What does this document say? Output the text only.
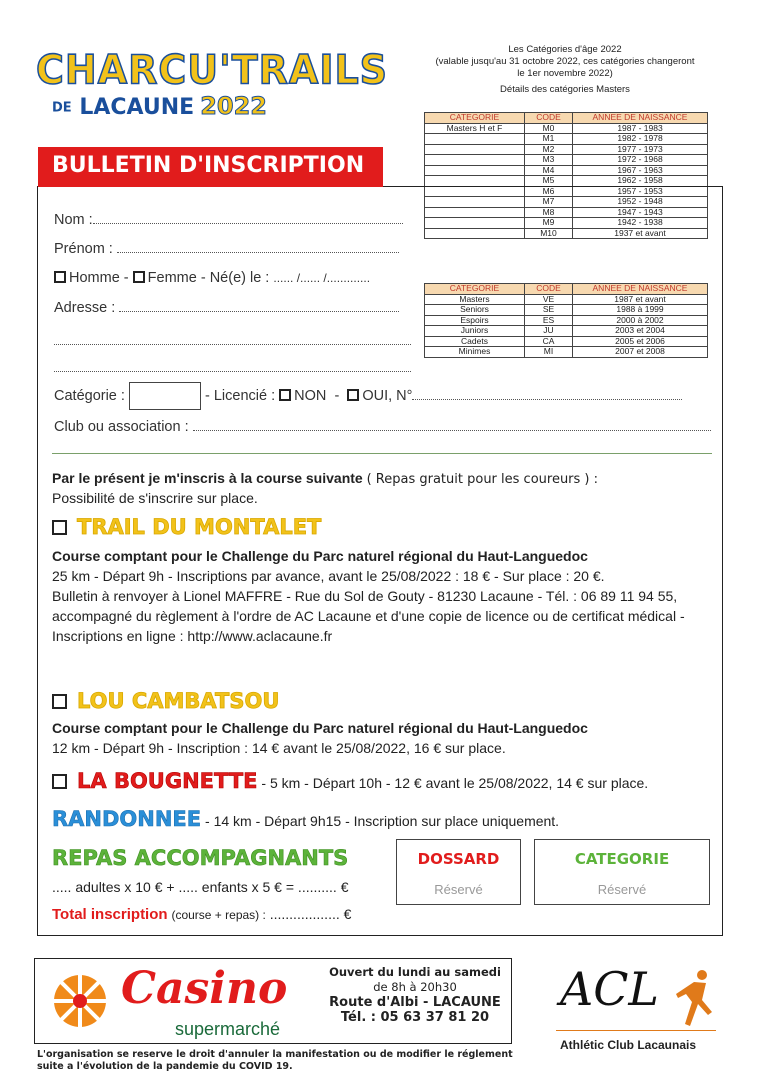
CHARCU'TRAILS
DE LACAUNE 2022
Les Catégories d'âge 2022
(valable jusqu'au 31 octobre 2022, ces catégories changeront le 1er novembre 2022)
Détails des catégories Masters
CATEGORIE	CODE	ANNEE DE NAISSANCE
Masters H et F	M0	1987 - 1983
	M1	1982 - 1978
	M2	1977 - 1973
	M3	1972 - 1968
	M4	1967 - 1963
	M5	1962 - 1958
	M6	1957 - 1953
	M7	1952 - 1948
	M8	1947 - 1943
	M9	1942 - 1938
	M10	1937 et avant
CATEGORIE	CODE	ANNEE DE NAISSANCE
Masters	VE	1987 et avant
Seniors	SE	1988 à 1999
Espoirs	ES	2000 à 2002
Juniors	JU	2003 et 2004
Cadets	CA	2005 et 2006
Minimes	MI	2007 et 2008
BULLETIN D'INSCRIPTION
Nom :
Prénom :
Homme - Femme - Né(e) le : ...... /...... /.............
Adresse :
Catégorie :	- Licencié : NON  -  OUI, N°
Club ou association :
Par le présent je m'inscris à la course suivante ( Repas gratuit pour les coureurs ) :
Possibilité de s'inscrire sur place.
TRAIL DU MONTALET
Course comptant pour le Challenge du Parc naturel régional du Haut-Languedoc
25 km - Départ 9h - Inscriptions par avance, avant le 25/08/2022 : 18 € - Sur place : 20 €.
Bulletin à renvoyer à Lionel MAFFRE - Rue du Sol de Gouty - 81230 Lacaune - Tél. : 06 89 11 94 55,
accompagné du règlement à l'ordre de AC Lacaune et d'une copie de licence ou de certificat médical -
Inscriptions en ligne : http://www.aclacaune.fr
LOU CAMBATSOU
Course comptant pour le Challenge du Parc naturel régional du Haut-Languedoc
12 km - Départ 9h - Inscription : 14 € avant le 25/08/2022, 16 € sur place.
LA BOUGNETTE - 5 km - Départ 10h - 12 € avant le 25/08/2022, 14 € sur place.
RANDONNEE - 14 km - Départ 9h15 - Inscription sur place uniquement.
REPAS ACCOMPAGNANTS
..... adultes x 10 € + ..... enfants x 5 € = .......... €
Total inscription (course + repas) : .................. €
DOSSARD
Réservé
CATEGORIE
Réservé
Casino
supermarché
Ouvert du lundi au samedi
de 8h à 20h30
Route d'Albi - LACAUNE
Tél. : 05 63 37 81 20
ACL
Athlétic Club Lacaunais
L'organisation se reserve le droit d'annuler la manifestation ou de modifier le réglement
suite a l'évolution de la pandemie du COVID 19.
